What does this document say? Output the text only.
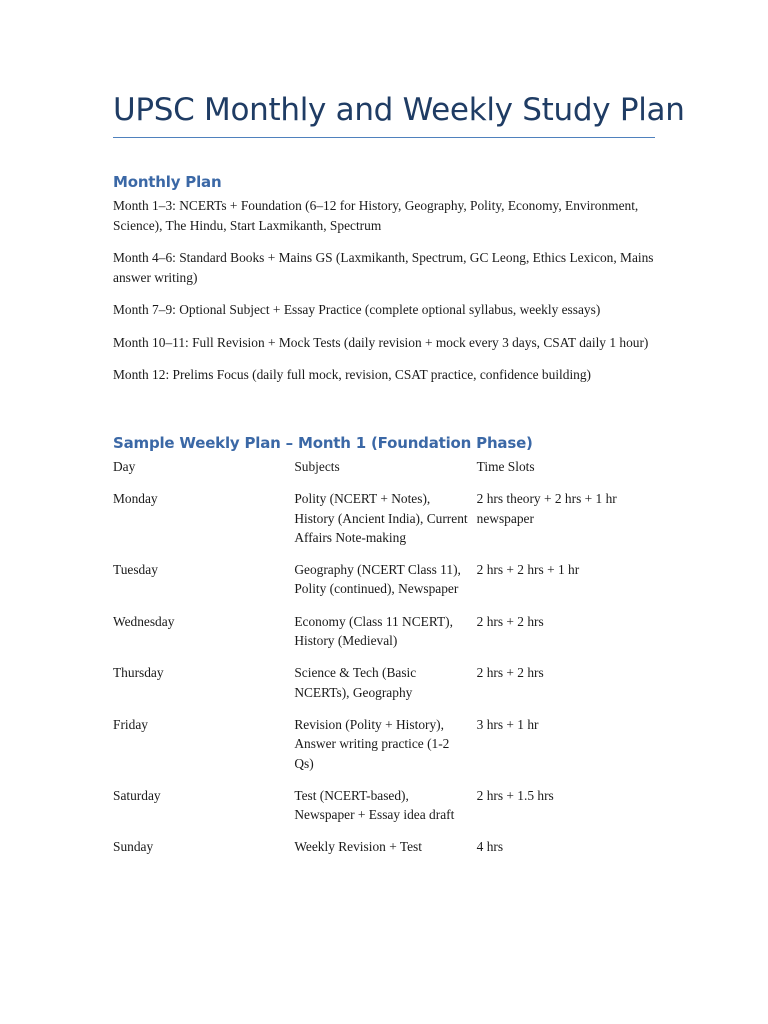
UPSC Monthly and Weekly Study Plan
Monthly Plan
Month 1–3: NCERTs + Foundation (6–12 for History, Geography, Polity, Economy, Environment, Science), The Hindu, Start Laxmikanth, Spectrum
Month 4–6: Standard Books + Mains GS (Laxmikanth, Spectrum, GC Leong, Ethics Lexicon, Mains answer writing)
Month 7–9: Optional Subject + Essay Practice (complete optional syllabus, weekly essays)
Month 10–11: Full Revision + Mock Tests (daily revision + mock every 3 days, CSAT daily 1 hour)
Month 12: Prelims Focus (daily full mock, revision, CSAT practice, confidence building)
Sample Weekly Plan – Month 1 (Foundation Phase)
Day	Subjects	Time Slots
Monday	Polity (NCERT + Notes), History (Ancient India), Current Affairs Note-making	2 hrs theory + 2 hrs + 1 hr newspaper
Tuesday	Geography (NCERT Class 11), Polity (continued), Newspaper	2 hrs + 2 hrs + 1 hr
Wednesday	Economy (Class 11 NCERT), History (Medieval)	2 hrs + 2 hrs
Thursday	Science & Tech (Basic NCERTs), Geography	2 hrs + 2 hrs
Friday	Revision (Polity + History), Answer writing practice (1-2 Qs)	3 hrs + 1 hr
Saturday	Test (NCERT-based), Newspaper + Essay idea draft	2 hrs + 1.5 hrs
Sunday	Weekly Revision + Test	4 hrs
